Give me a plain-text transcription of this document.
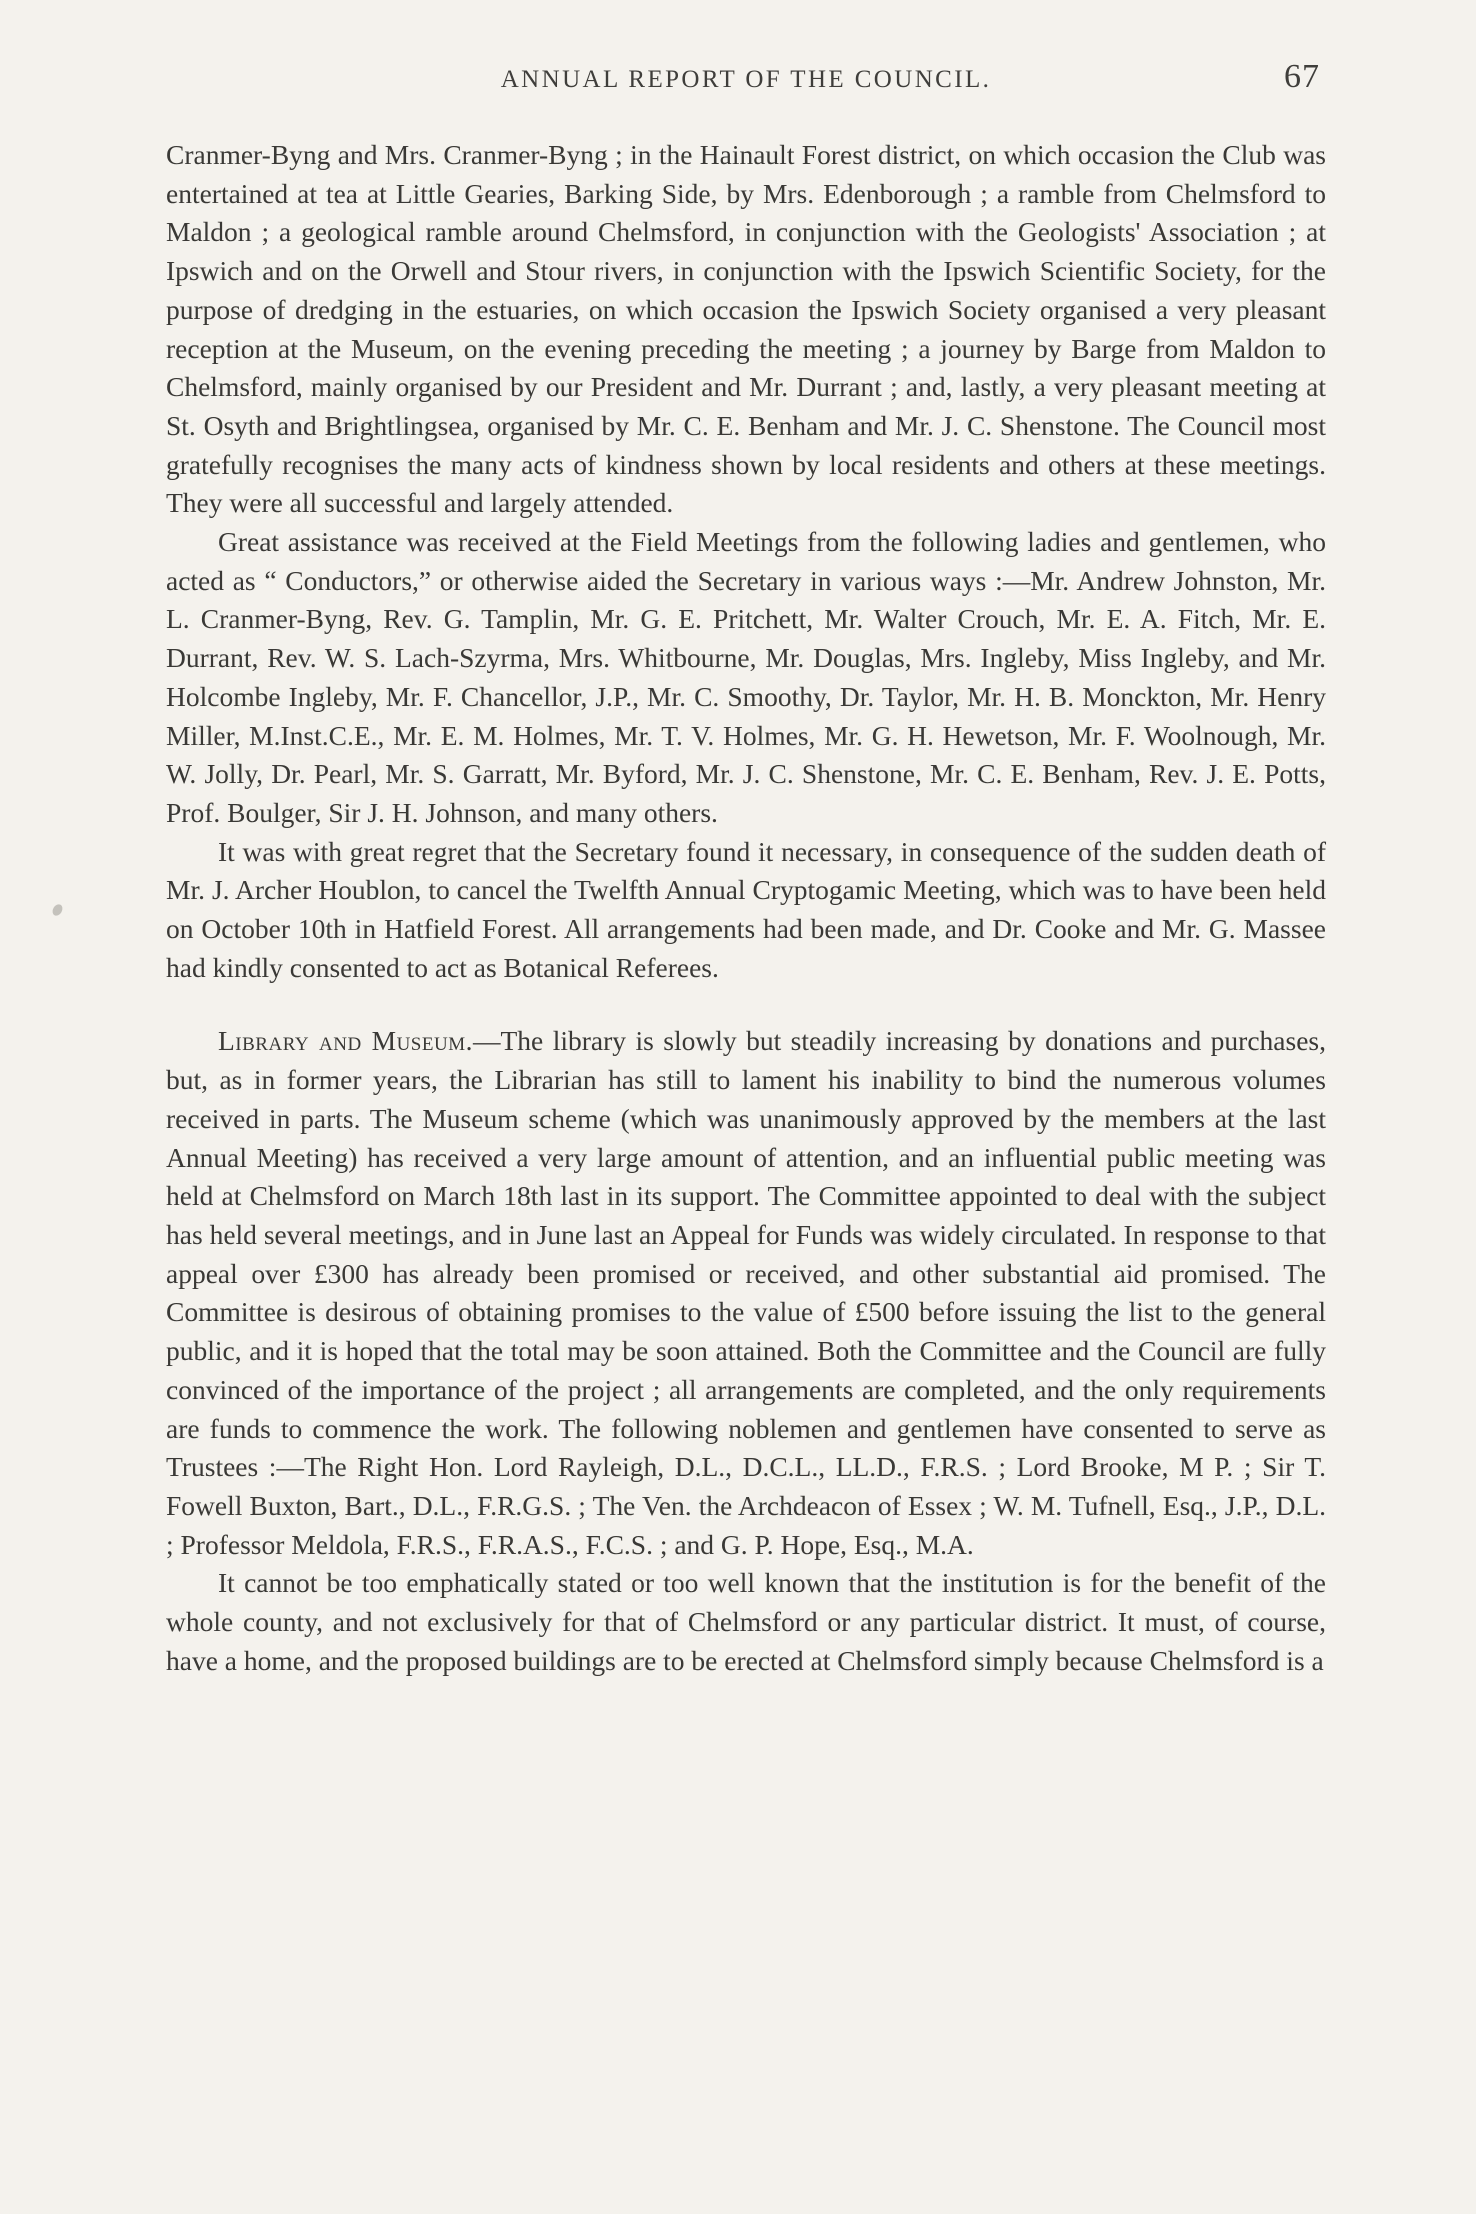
ANNUAL REPORT OF THE COUNCIL.	67

Cranmer-Byng and Mrs. Cranmer-Byng ; in the Hainault Forest district, on which occasion the Club was entertained at tea at Little Gearies, Barking Side, by Mrs. Edenborough ; a ramble from Chelmsford to Maldon ; a geological ramble around Chelmsford, in conjunction with the Geologists' Association ; at Ipswich and on the Orwell and Stour rivers, in conjunction with the Ipswich Scientific Society, for the purpose of dredging in the estuaries, on which occasion the Ipswich Society organised a very pleasant reception at the Museum, on the evening preceding the meeting ; a journey by Barge from Maldon to Chelmsford, mainly organised by our President and Mr. Durrant ; and, lastly, a very pleasant meeting at St. Osyth and Brightlingsea, organised by Mr. C. E. Benham and Mr. J. C. Shenstone. The Council most gratefully recognises the many acts of kindness shown by local residents and others at these meetings. They were all successful and largely attended.

Great assistance was received at the Field Meetings from the following ladies and gentlemen, who acted as “ Conductors,” or otherwise aided the Secretary in various ways :—Mr. Andrew Johnston, Mr. L. Cranmer-Byng, Rev. G. Tamplin, Mr. G. E. Pritchett, Mr. Walter Crouch, Mr. E. A. Fitch, Mr. E. Durrant, Rev. W. S. Lach-Szyrma, Mrs. Whitbourne, Mr. Douglas, Mrs. Ingleby, Miss Ingleby, and Mr. Holcombe Ingleby, Mr. F. Chancellor, J.P., Mr. C. Smoothy, Dr. Taylor, Mr. H. B. Monckton, Mr. Henry Miller, M.Inst.C.E., Mr. E. M. Holmes, Mr. T. V. Holmes, Mr. G. H. Hewetson, Mr. F. Woolnough, Mr. W. Jolly, Dr. Pearl, Mr. S. Garratt, Mr. Byford, Mr. J. C. Shenstone, Mr. C. E. Benham, Rev. J. E. Potts, Prof. Boulger, Sir J. H. Johnson, and many others.

It was with great regret that the Secretary found it necessary, in consequence of the sudden death of Mr. J. Archer Houblon, to cancel the Twelfth Annual Cryptogamic Meeting, which was to have been held on October 10th in Hatfield Forest. All arrangements had been made, and Dr. Cooke and Mr. G. Massee had kindly consented to act as Botanical Referees.

Library and Museum.—The library is slowly but steadily increasing by donations and purchases, but, as in former years, the Librarian has still to lament his inability to bind the numerous volumes received in parts. The Museum scheme (which was unanimously approved by the members at the last Annual Meeting) has received a very large amount of attention, and an influential public meeting was held at Chelmsford on March 18th last in its support. The Committee appointed to deal with the subject has held several meetings, and in June last an Appeal for Funds was widely circulated. In response to that appeal over £300 has already been promised or received, and other substantial aid promised. The Committee is desirous of obtaining promises to the value of £500 before issuing the list to the general public, and it is hoped that the total may be soon attained. Both the Committee and the Council are fully convinced of the importance of the project ; all arrangements are completed, and the only requirements are funds to commence the work. The following noblemen and gentlemen have consented to serve as Trustees :—The Right Hon. Lord Rayleigh, D.L., D.C.L., LL.D., F.R.S. ; Lord Brooke, M P. ; Sir T. Fowell Buxton, Bart., D.L., F.R.G.S. ; The Ven. the Archdeacon of Essex ; W. M. Tufnell, Esq., J.P., D.L. ; Professor Meldola, F.R.S., F.R.A.S., F.C.S. ; and G. P. Hope, Esq., M.A.

It cannot be too emphatically stated or too well known that the institution is for the benefit of the whole county, and not exclusively for that of Chelmsford or any particular district. It must, of course, have a home, and the proposed buildings are to be erected at Chelmsford simply because Chelmsford is a
